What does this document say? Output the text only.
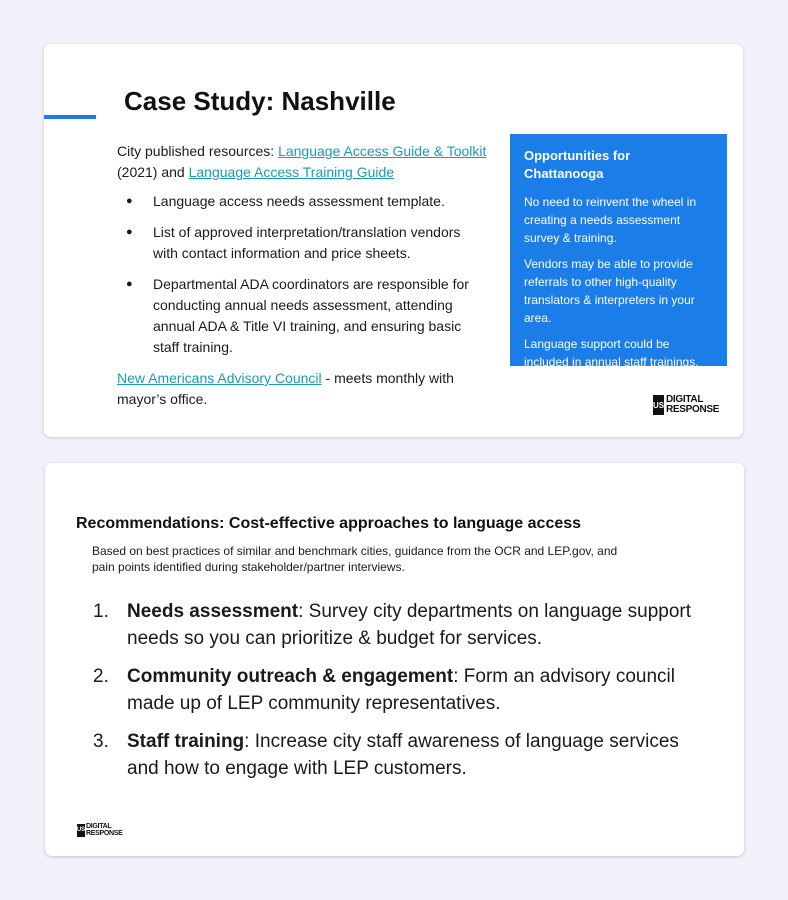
Case Study: Nashville

City published resources: Language Access Guide & Toolkit (2021) and Language Access Training Guide

● Language access needs assessment template.
● List of approved interpretation/translation vendors with contact information and price sheets.
● Departmental ADA coordinators are responsible for conducting annual needs assessment, attending annual ADA & Title VI training, and ensuring basic staff training.

New Americans Advisory Council - meets monthly with mayor’s office.

Opportunities for Chattanooga

No need to reinvent the wheel in creating a needs assessment survey & training.

Vendors may be able to provide referrals to other high-quality translators & interpreters in your area.

Language support could be included in annual staff trainings.

US DIGITAL
RESPONSE
Recommendations: Cost-effective approaches to language access
Based on best practices of similar and benchmark cities, guidance from the OCR and LEP.gov, and pain points identified during stakeholder/partner interviews.
1. Needs assessment: Survey city departments on language support needs so you can prioritize & budget for services.
2. Community outreach & engagement: Form an advisory council made up of LEP community representatives.
3. Staff training: Increase city staff awareness of language services and how to engage with LEP customers.
US DIGITAL
RESPONSE
